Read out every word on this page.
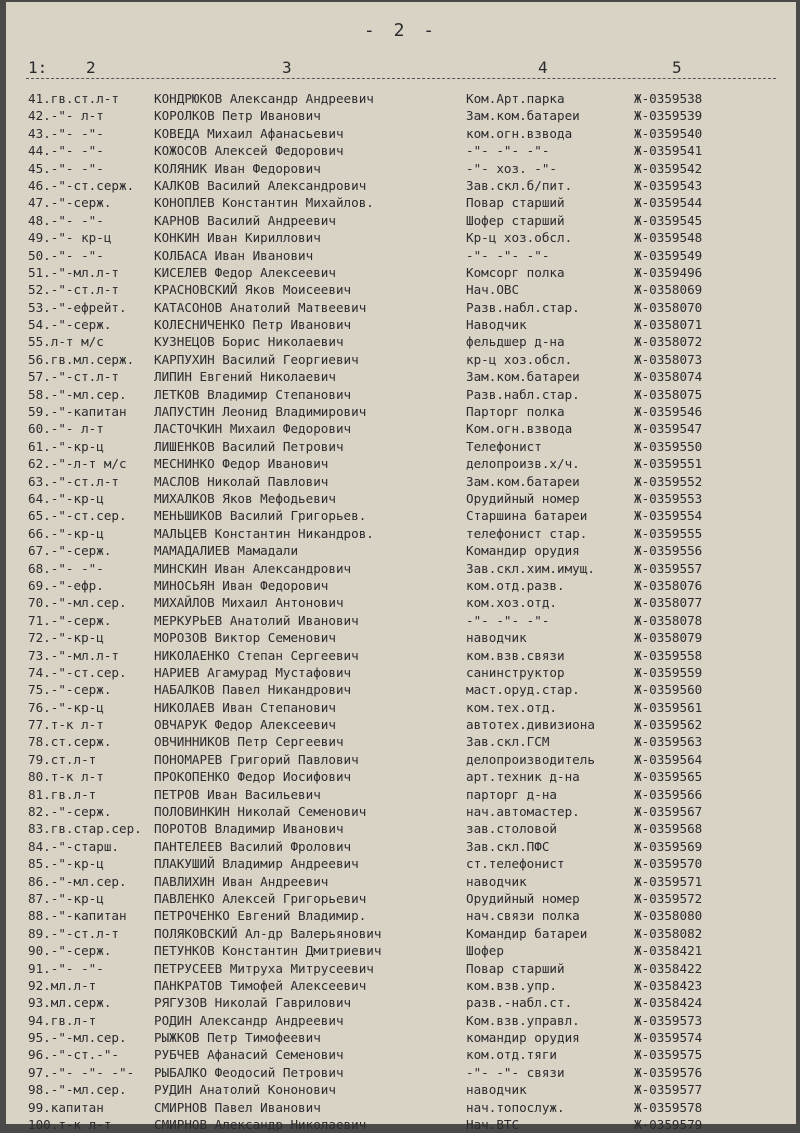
- 2 -
1: 2	3	4	5
41.гв.ст.л-т	КОНДРЮКОВ Александр Андреевич	Ком.Арт.парка	Ж-0359538
42.-"- л-т	КОРОЛКОВ Петр Иванович	Зам.ком.батареи	Ж-0359539
43.-"- -"-	КОВЕДА Михаил Афанасьевич	ком.огн.взвода	Ж-0359540
44.-"- -"-	КОЖОСОВ Алексей Федорович	-"- -"- -"-	Ж-0359541
45.-"- -"-	КОЛЯНИК Иван Федорович	-"- хоз. -"-	Ж-0359542
46.-"-ст.серж.	КАЛКОВ Василий Александрович	Зав.скл.б/пит.	Ж-0359543
47.-"-серж.	КОНОПЛЕВ Константин Михайлов.	Повар старший	Ж-0359544
48.-"- -"-	КАРНОВ Василий Андреевич	Шофер старший	Ж-0359545
49.-"- кр-ц	КОНКИН Иван Кириллович	Кр-ц хоз.обсл.	Ж-0359548
50.-"- -"-	КОЛБАСА Иван Иванович	-"- -"- -"-	Ж-0359549
51.-"-мл.л-т	КИСЕЛЕВ Федор Алексеевич	Комсорг полка	Ж-0359496
52.-"-ст.л-т	КРАСНОВСКИЙ Яков Моисеевич	Нач.ОВС	Ж-0358069
53.-"-ефрейт.	КАТАСОНОВ Анатолий Матвеевич	Разв.набл.стар.	Ж-0358070
54.-"-серж.	КОЛЕСНИЧЕНКО Петр Иванович	Наводчик	Ж-0358071
55.л-т м/с	КУЗНЕЦОВ Борис Николаевич	фельдшер д-на	Ж-0358072
56.гв.мл.серж.	КАРПУХИН Василий Георгиевич	кр-ц хоз.обсл.	Ж-0358073
57.-"-ст.л-т	ЛИПИН Евгений Николаевич	Зам.ком.батареи	Ж-0358074
58.-"-мл.сер.	ЛЕТКОВ Владимир Степанович	Разв.набл.стар.	Ж-0358075
59.-"-капитан	ЛАПУСТИН Леонид Владимирович	Парторг полка	Ж-0359546
60.-"- л-т	ЛАСТОЧКИН Михаил Федорович	Ком.огн.взвода	Ж-0359547
61.-"-кр-ц	ЛИШЕНКОВ Василий Петрович	Телефонист	Ж-0359550
62.-"-л-т м/с	МЕСНИНКО Федор Иванович	делопроизв.х/ч.	Ж-0359551
63.-"-ст.л-т	МАСЛОВ Николай Павлович	Зам.ком.батареи	Ж-0359552
64.-"-кр-ц	МИХАЛКОВ Яков Мефодьевич	Орудийный номер	Ж-0359553
65.-"-ст.сер.	МЕНЬШИКОВ Василий Григорьев.	Старшина батареи	Ж-0359554
66.-"-кр-ц	МАЛЬЦЕВ Константин Никандров.	телефонист стар.	Ж-0359555
67.-"-серж.	МАМАДАЛИЕВ Мамадали	Командир орудия	Ж-0359556
68.-"- -"-	МИНСКИН Иван Александрович	Зав.скл.хим.имущ.	Ж-0359557
69.-"-ефр.	МИНОСЬЯН Иван Федорович	ком.отд.разв.	Ж-0358076
70.-"-мл.сер.	МИХАЙЛОВ Михаил Антонович	ком.хоз.отд.	Ж-0358077
71.-"-серж.	МЕРКУРЬЕВ Анатолий Иванович	-"- -"- -"-	Ж-0358078
72.-"-кр-ц	МОРОЗОВ Виктор Семенович	наводчик	Ж-0358079
73.-"-мл.л-т	НИКОЛАЕНКО Степан Сергеевич	ком.взв.связи	Ж-0359558
74.-"-ст.сер.	НАРИЕВ Агамурад Мустафович	санинструктор	Ж-0359559
75.-"-серж.	НАБАЛКОВ Павел Никандрович	маст.оруд.стар.	Ж-0359560
76.-"-кр-ц	НИКОЛАЕВ Иван Степанович	ком.тех.отд.	Ж-0359561
77.т-к л-т	ОВЧАРУК Федор Алексеевич	автотех.дивизиона	Ж-0359562
78.ст.серж.	ОВЧИННИКОВ Петр Сергеевич	Зав.скл.ГСМ	Ж-0359563
79.ст.л-т	ПОНОМАРЕВ Григорий Павлович	делопроизводитель	Ж-0359564
80.т-к л-т	ПРОКОПЕНКО Федор Иосифович	арт.техник д-на	Ж-0359565
81.гв.л-т	ПЕТРОВ Иван Васильевич	парторг д-на	Ж-0359566
82.-"-серж.	ПОЛОВИНКИН Николай Семенович	нач.автомастер.	Ж-0359567
83.гв.стар.сер. ПОРОТОВ Владимир Иванович	зав.столовой	Ж-0359568
84.-"-старш.	ПАНТЕЛЕЕВ Василий Фролович	Зав.скл.ПФС	Ж-0359569
85.-"-кр-ц	ПЛАКУШИЙ Владимир Андреевич	ст.телефонист	Ж-0359570
86.-"-мл.сер.	ПАВЛИХИН Иван Андреевич	наводчик	Ж-0359571
87.-"-кр-ц	ПАВЛЕНКО Алексей Григорьевич	Орудийный номер	Ж-0359572
88.-"-капитан	ПЕТРОЧЕНКО Евгений Владимир.	нач.связи полка	Ж-0358080
89.-"-ст.л-т	ПОЛЯКОВСКИЙ Ал-др Валерьянович	Командир батареи	Ж-0358082
90.-"-серж.	ПЕТУНКОВ Константин Дмитриевич	Шофер	Ж-0358421
91.-"- -"-	ПЕТРУСЕЕВ Митруха Митрусеевич	Повар старший	Ж-0358422
92.мл.л-т	ПАНКРАТОВ Тимофей Алексеевич	ком.взв.упр.	Ж-0358423
93.мл.серж.	РЯГУЗОВ Николай Гаврилович	разв.-набл.ст.	Ж-0358424
94.гв.л-т	РОДИН Александр Андреевич	Ком.взв.управл.	Ж-0359573
95.-"-мл.сер.	РЫЖКОВ Петр Тимофеевич	командир орудия	Ж-0359574
96.-"-ст.-"-	РУБЧЕВ Афанасий Семенович	ком.отд.тяги	Ж-0359575
97.-"- -"- -"-	РЫБАЛКО Феодосий Петрович	-"- -"- связи	Ж-0359576
98.-"-мл.сер.	РУДИН Анатолий Кононович	наводчик	Ж-0359577
99.капитан	СМИРНОВ Павел Иванович	нач.топослуж.	Ж-0359578
100.т-к л-т	СМИРНОВ Александр Николаевич	Нач.ВТС	Ж-0359579
